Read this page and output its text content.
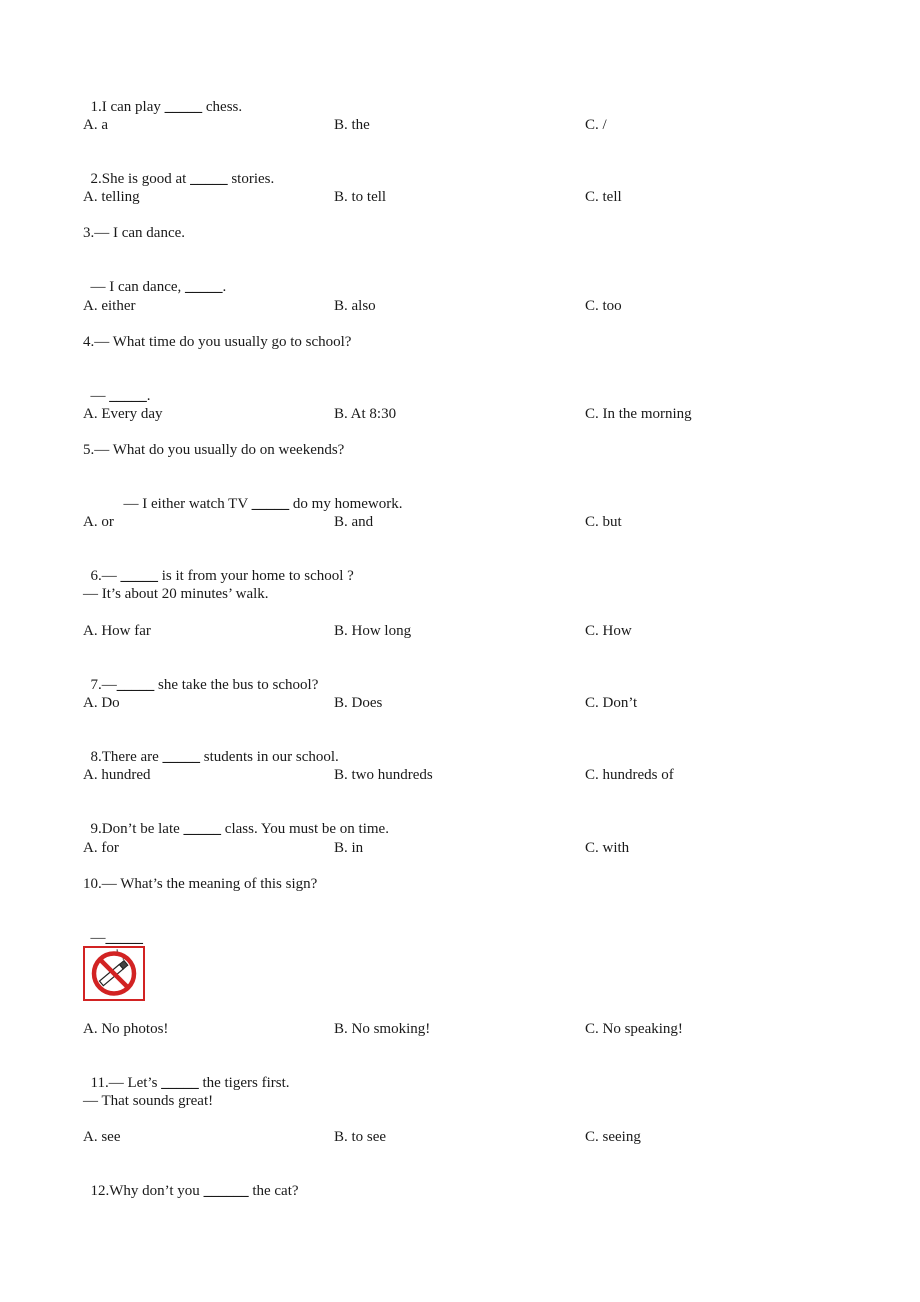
1.I can play _____ chess.

A. a	B. the	C. /

2.She is good at _____ stories.

A. telling	B. to tell	C. tell
3.— I can dance.

— I can dance, _____.

A. either	B. also	C. too
4.— What time do you usually go to school?

— _____.

A. Every day	B. At 8:30	C. In the morning
5.— What do you usually do on weekends?

— I either watch TV _____ do my homework.

A. or	B. and	C. but

6.— _____ is it from your home to school ?

— It’s about 20 minutes’ walk.
A. How far	B. How long	C. How

7.—_____ she take the bus to school?

A. Do	B. Does	C. Don’t

8.There are _____ students in our school.

A. hundred	B. two hundreds	C. hundreds of

9.Don’t be late _____ class. You must be on time.

A. for	B. in	C. with
10.— What’s the meaning of this sign?

—_____

A. No photos!	B. No smoking!	C. No speaking!

11.— Let’s _____ the tigers first.

— That sounds great!
A. see	B. to see	C. seeing

12.Why don’t you ______ the cat?
